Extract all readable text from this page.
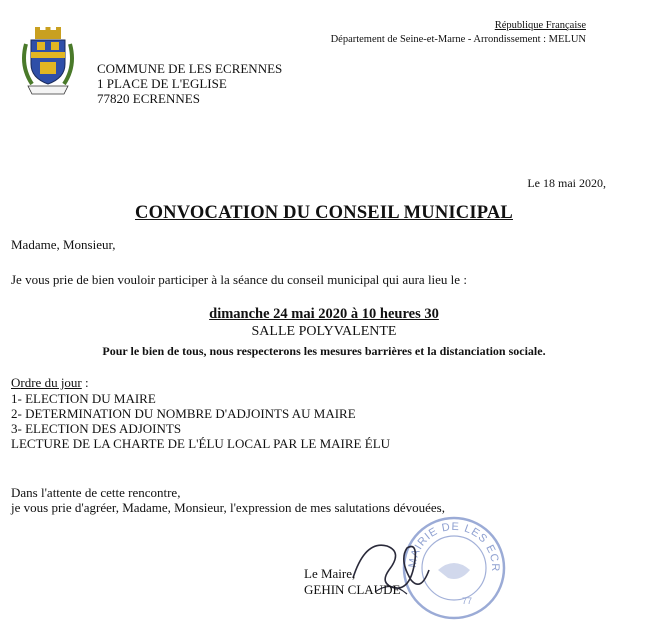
République Française
Département de Seine-et-Marne - Arrondissement : MELUN
COMMUNE DE LES ECRENNES
1 PLACE DE L'EGLISE
77820 ECRENNES
Le 18 mai 2020,
CONVOCATION DU CONSEIL MUNICIPAL
Madame, Monsieur,
Je vous prie de bien vouloir participer à la séance du conseil municipal qui aura lieu le :
dimanche 24 mai 2020 à 10 heures 30
SALLE POLYVALENTE
Pour le bien de tous, nous respecterons les mesures barrières et la distanciation sociale.
Ordre du jour :
1- ELECTION DU MAIRE
2- DETERMINATION DU NOMBRE D'ADJOINTS AU MAIRE
3- ELECTION DES ADJOINTS
LECTURE DE LA CHARTE DE L'ÉLU LOCAL PAR LE MAIRE ÉLU
Dans l'attente de cette rencontre,
je vous prie d'agréer, Madame, Monsieur, l'expression de mes salutations dévouées,
MAIRIE DE LES ECR
77
Le Maire,
GEHIN CLAUDE
